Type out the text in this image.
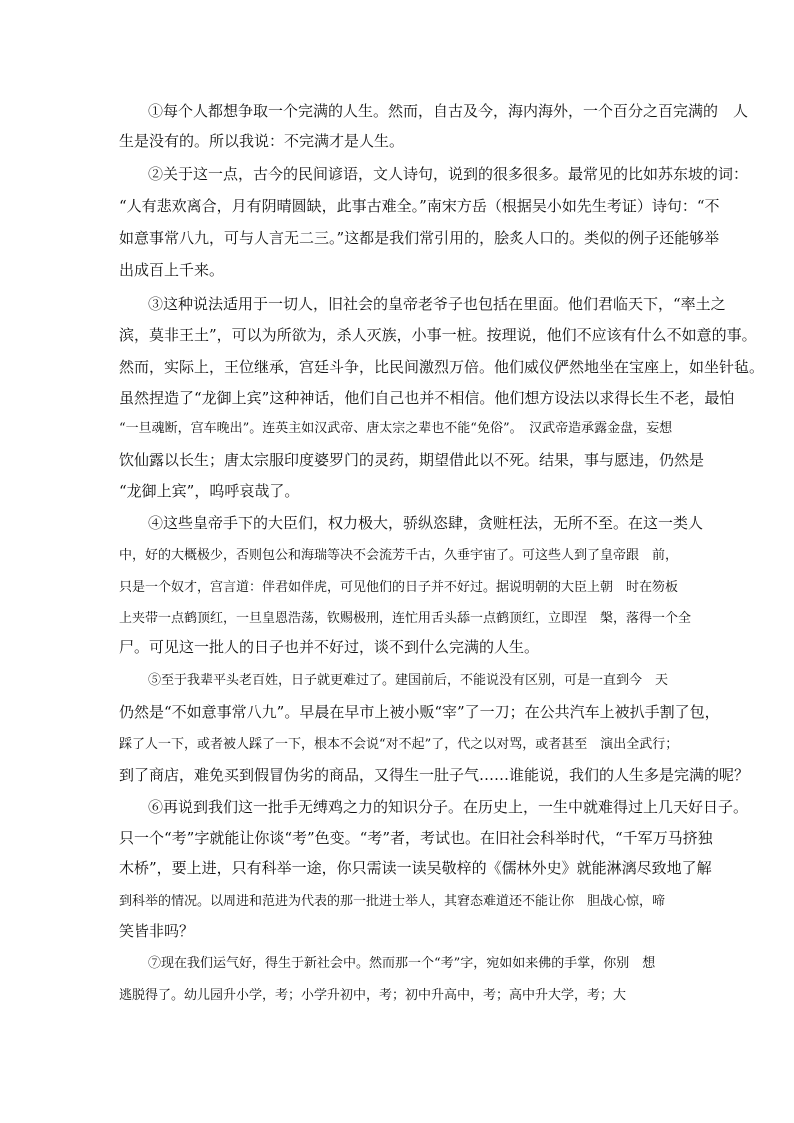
①每个人都想争取一个完满的人生。然而，自古及今，海内海外，一个百分之百完满的　人
生是没有的。所以我说：不完满才是人生。
②关于这一点，古今的民间谚语，文人诗句，说到的很多很多。最常见的比如苏东坡的词：
“人有悲欢离合，月有阴晴圆缺，此事古难全。”南宋方岳（根据吴小如先生考证）诗句：“不
如意事常八九，可与人言无二三。”这都是我们常引用的，脍炙人口的。类似的例子还能够举
出成百上千来。
③这种说法适用于一切人，旧社会的皇帝老爷子也包括在里面。他们君临天下，“率土之
滨，莫非王土”，可以为所欲为，杀人灭族，小事一桩。按理说，他们不应该有什么不如意的事。
然而，实际上，王位继承，宫廷斗争，比民间激烈万倍。他们威仪俨然地坐在宝座上，如坐针毡。
虽然捏造了“龙御上宾”这种神话，他们自己也并不相信。他们想方设法以求得长生不老，最怕
“一旦魂断，宫车晚出”。连英主如汉武帝、唐太宗之辈也不能“免俗”。　汉武帝造承露金盘，妄想
饮仙露以长生；唐太宗服印度婆罗门的灵药，期望借此以不死。结果，事与愿违，仍然是
“龙御上宾”，呜呼哀哉了。
④这些皇帝手下的大臣们，权力极大，骄纵恣肆，贪赃枉法，无所不至。在这一类人
中，好的大概极少，否则包公和海瑞等决不会流芳千古，久垂宇宙了。可这些人到了皇帝跟　前，
只是一个奴才，宫言道：伴君如伴虎，可见他们的日子并不好过。据说明朝的大臣上朝　时在笏板
上夹带一点鹤顶红，一旦皇恩浩荡，钦赐极刑，连忙用舌头舔一点鹤顶红，立即涅　槃，落得一个全
尸。可见这一批人的日子也并不好过，谈不到什么完满的人生。
⑤至于我辈平头老百姓，日子就更难过了。建国前后，不能说没有区别，可是一直到今　天
仍然是“不如意事常八九”。早晨在早市上被小贩“宰”了一刀；在公共汽车上被扒手割了包，
踩了人一下，或者被人踩了一下，根本不会说“对不起”了，代之以对骂，或者甚至　演出全武行；
到了商店，难免买到假冒伪劣的商品，又得生一肚子气……谁能说，我们的人生多是完满的呢？
⑥再说到我们这一批手无缚鸡之力的知识分子。在历史上，一生中就难得过上几天好日子。
只一个“考”字就能让你谈“考”色变。“考”者，考试也。在旧社会科举时代，“千军万马挤独
木桥”，要上进，只有科举一途，你只需读一读吴敬梓的《儒林外史》就能淋漓尽致地了解
到科举的情况。以周进和范进为代表的那一批进士举人，其窘态难道还不能让你　胆战心惊，啼
笑皆非吗？
⑦现在我们运气好，得生于新社会中。然而那一个“考”字，宛如如来佛的手掌，你别　想
逃脱得了。幼儿园升小学，考；小学升初中，考；初中升高中，考；高中升大学，考；大
